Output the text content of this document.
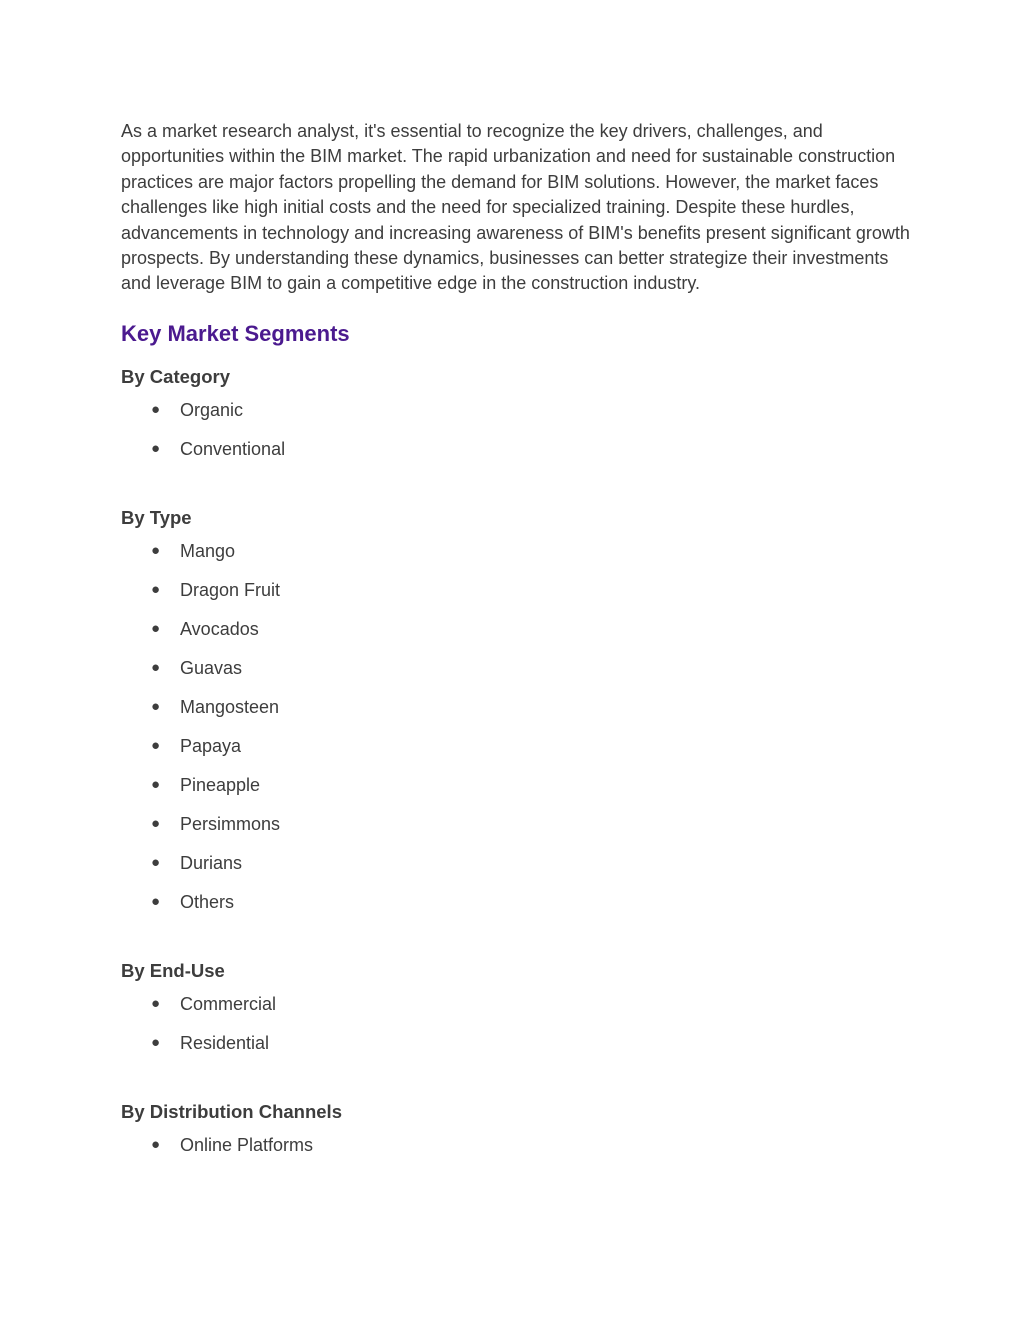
As a market research analyst, it's essential to recognize the key drivers, challenges, and opportunities within the BIM market. The rapid urbanization and need for sustainable construction practices are major factors propelling the demand for BIM solutions. However, the market faces challenges like high initial costs and the need for specialized training. Despite these hurdles, advancements in technology and increasing awareness of BIM's benefits present significant growth prospects. By understanding these dynamics, businesses can better strategize their investments and leverage BIM to gain a competitive edge in the construction industry.

Key Market Segments
By Category
● Organic
● Conventional
By Type
● Mango
● Dragon Fruit
● Avocados
● Guavas
● Mangosteen
● Papaya
● Pineapple
● Persimmons
● Durians
● Others
By End-Use
● Commercial
● Residential
By Distribution Channels
● Online Platforms
